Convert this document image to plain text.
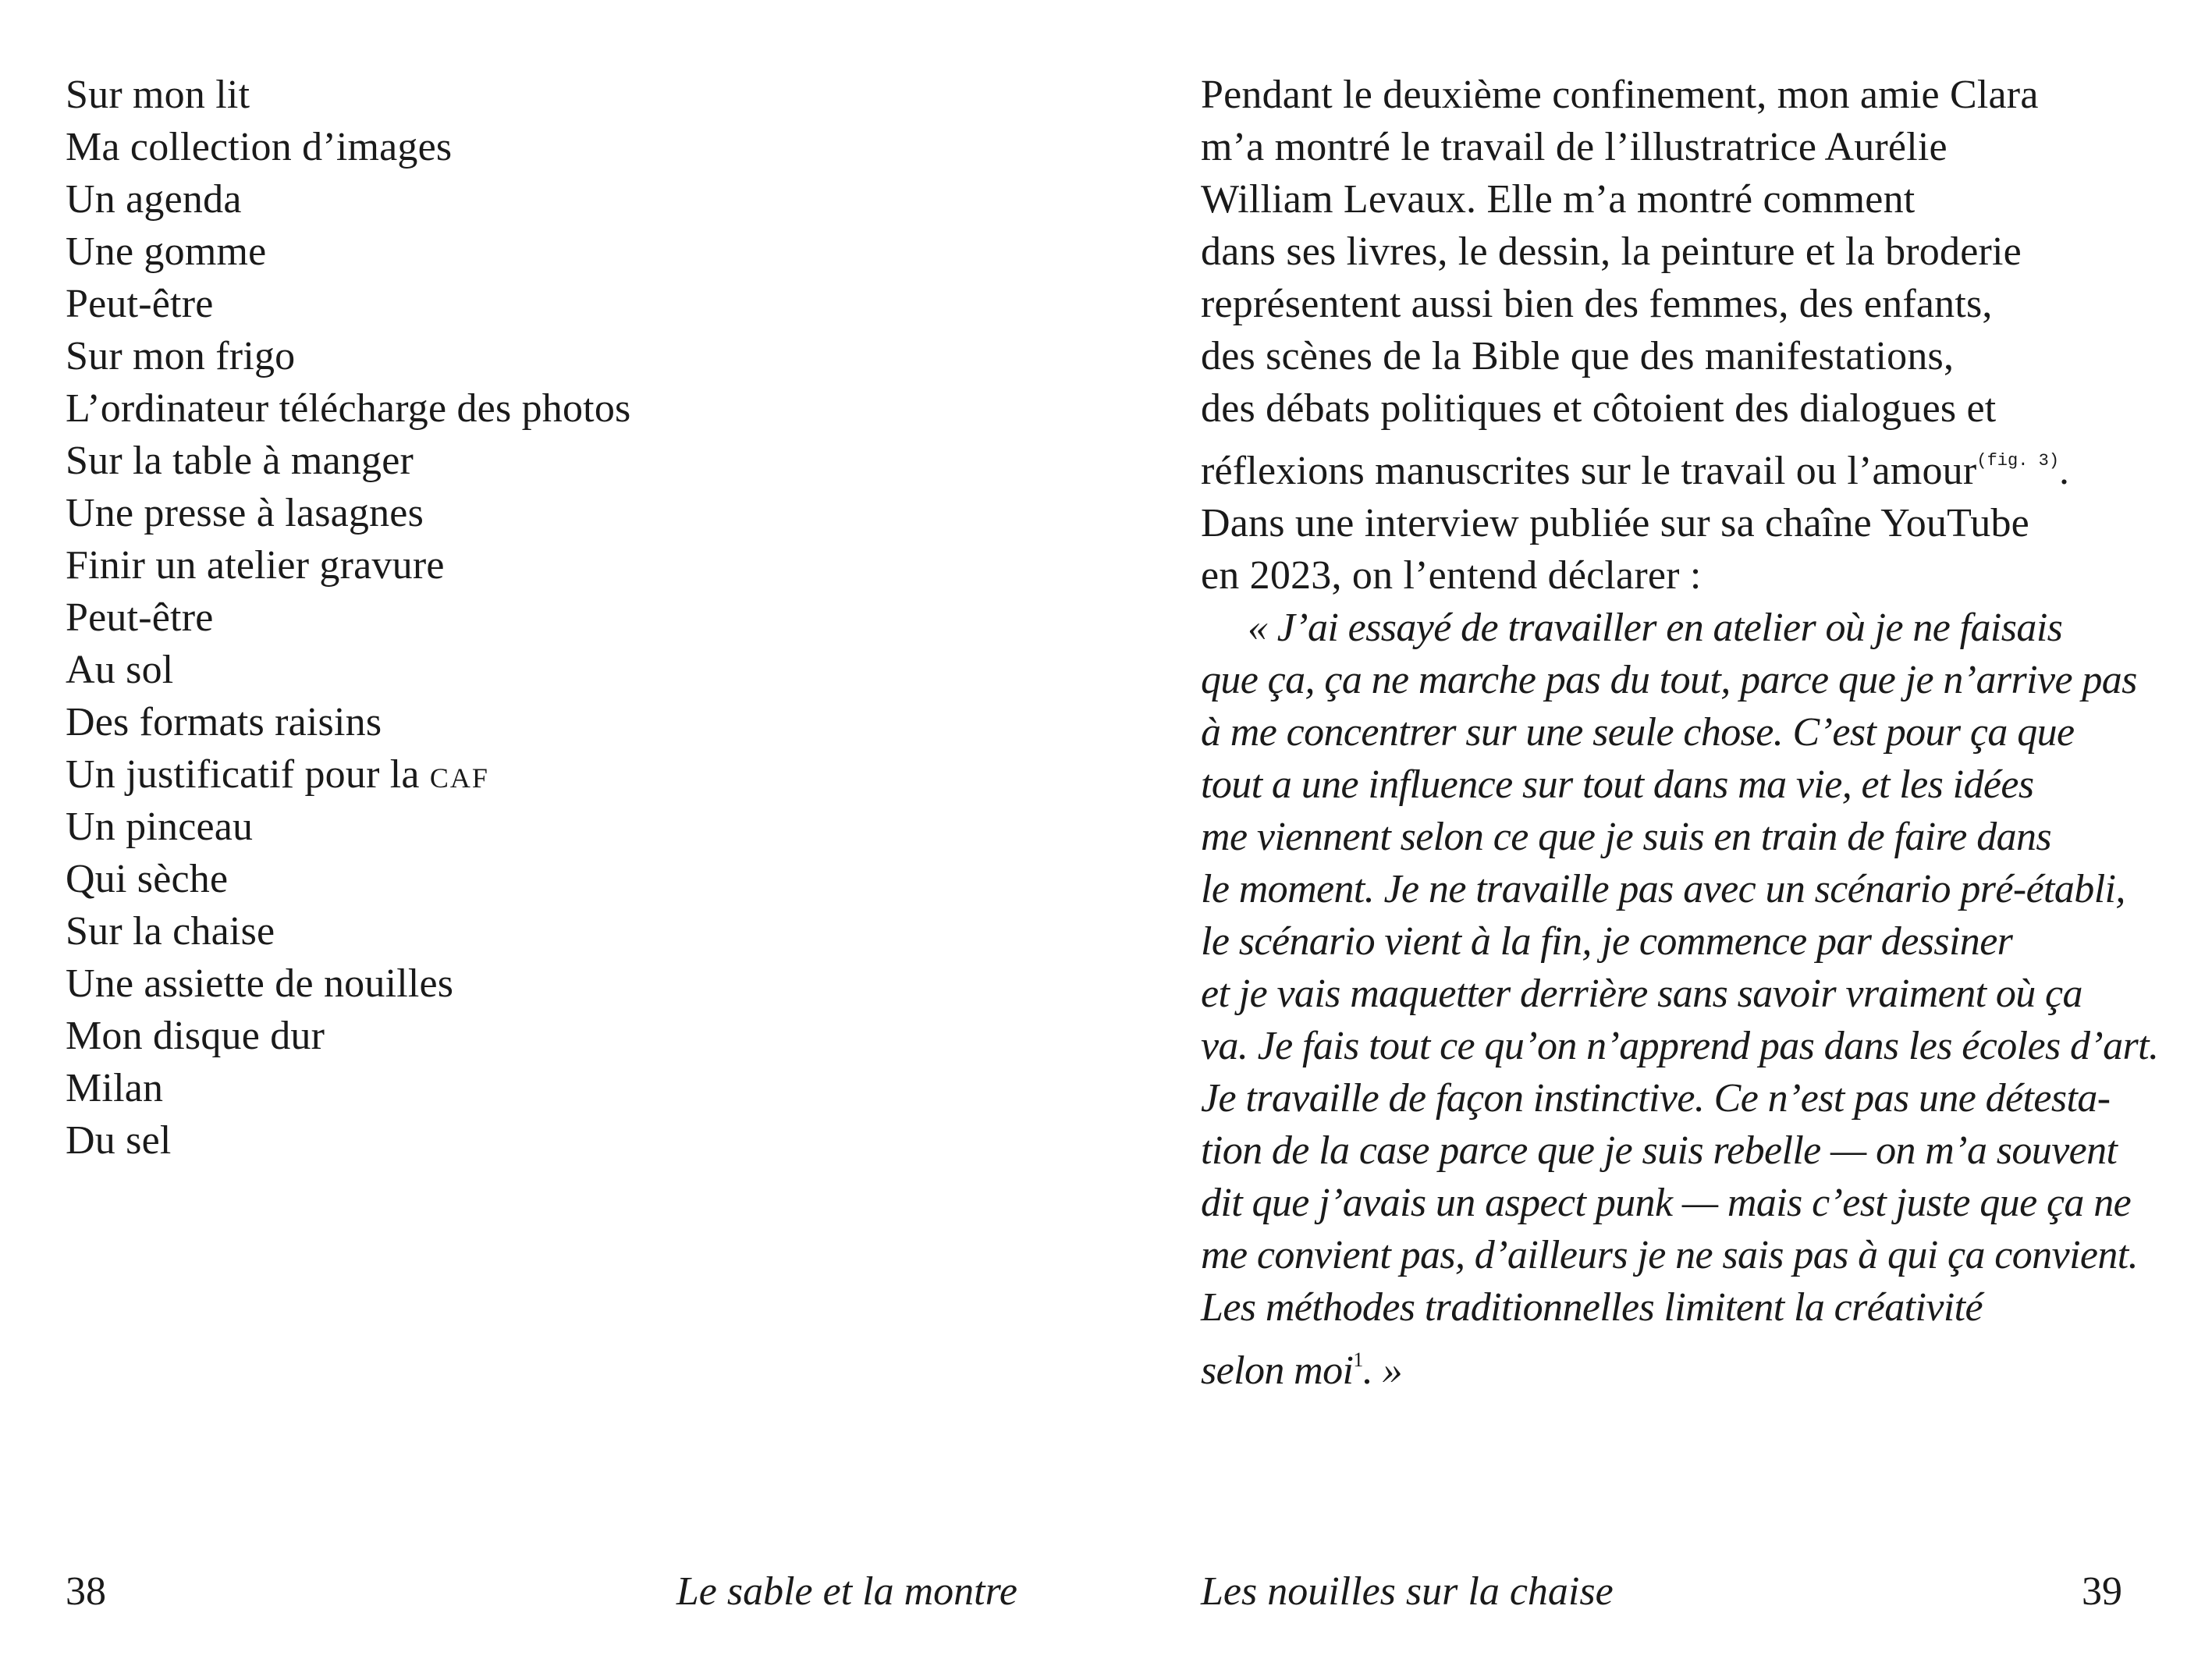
Sur mon lit
Ma collection d’images
Un agenda
Une gomme
Peut-être
Sur mon frigo
L’ordinateur télécharge des photos
Sur la table à manger
Une presse à lasagnes
Finir un atelier gravure
Peut-être
Au sol
Des formats raisins
Un justificatif pour la caf
Un pinceau
Qui sèche
Sur la chaise
Une assiette de nouilles
Mon disque dur
Milan
Du sel
38	Le sable et la montre
Pendant le deuxième confinement, mon amie Clara
m’a montré le travail de l’illustratrice Aurélie
William Levaux. Elle m’a montré comment
dans ses livres, le dessin, la peinture et la broderie
représentent aussi bien des femmes, des enfants,
des scènes de la Bible que des manifestations,
des débats politiques et côtoient des dialogues et
réflexions manuscrites sur le travail ou l’amour$^{(fig. 3)}$.
Dans une interview publiée sur sa chaîne YouTube
en 2023, on l’entend déclarer :
« J’ai essayé de travailler en atelier où je ne faisais
que ça, ça ne marche pas du tout, parce que je n’arrive pas
à me concentrer sur une seule chose. C’est pour ça que
tout a une influence sur tout dans ma vie, et les idées
me viennent selon ce que je suis en train de faire dans
le moment. Je ne travaille pas avec un scénario pré-établi,
le scénario vient à la fin, je commence par dessiner
et je vais maquetter derrière sans savoir vraiment où ça
va. Je fais tout ce qu’on n’apprend pas dans les écoles d’art.
Je travaille de façon instinctive. Ce n’est pas une détesta-
tion de la case parce que je suis rebelle — on m’a souvent
dit que j’avais un aspect punk — mais c’est juste que ça ne
me convient pas, d’ailleurs je ne sais pas à qui ça convient.
Les méthodes traditionnelles limitent la créativité
selon moi$^1$. »
Les nouilles sur la chaise	39
